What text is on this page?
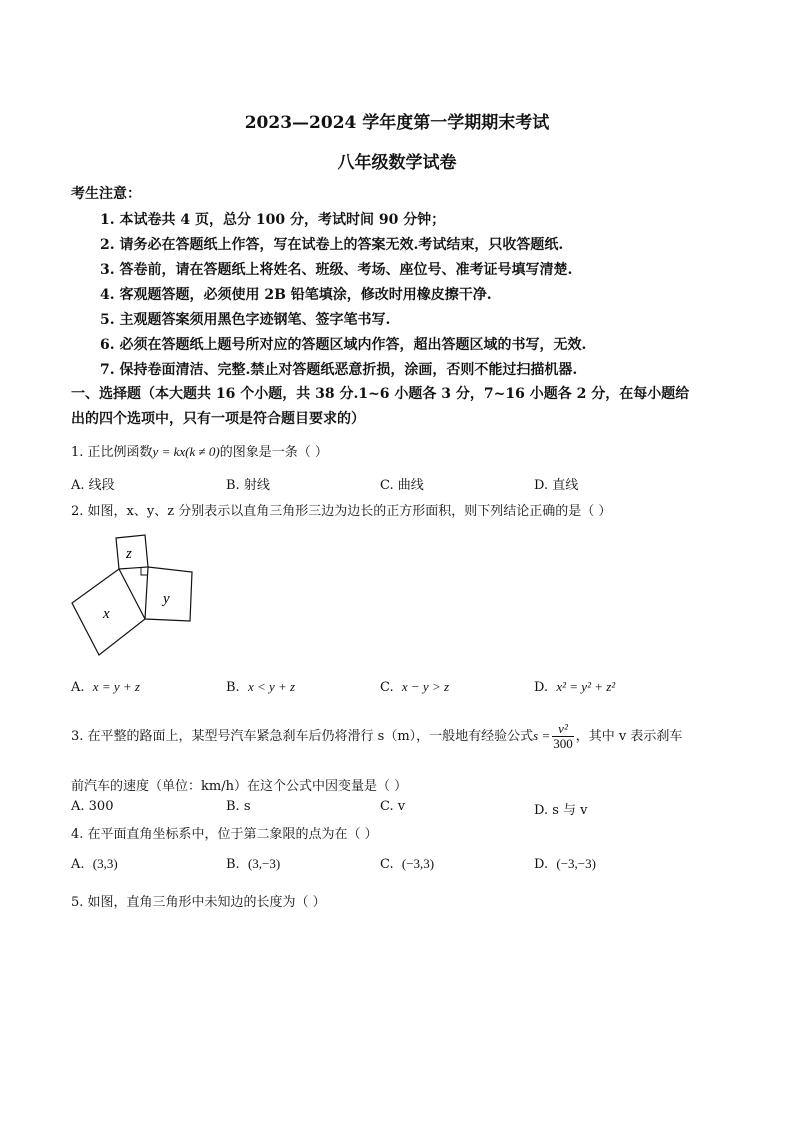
2023—2024 学年度第一学期期末考试
八年级数学试卷
考生注意：
1. 本试卷共 4 页，总分 100 分，考试时间 90 分钟；
2. 请务必在答题纸上作答，写在试卷上的答案无效.考试结束，只收答题纸.
3. 答卷前，请在答题纸上将姓名、班级、考场、座位号、准考证号填写清楚.
4. 客观题答题，必须使用 2B 铅笔填涂，修改时用橡皮擦干净.
5. 主观题答案须用黑色字迹钢笔、签字笔书写.
6. 必须在答题纸上题号所对应的答题区域内作答，超出答题区域的书写，无效.
7. 保持卷面清洁、完整.禁止对答题纸恶意折损，涂画，否则不能过扫描机器.
一、选择题（本大题共 16 个小题，共 38 分.1~6 小题各 3 分，7~16 小题各 2 分，在每小题给
出的四个选项中，只有一项是符合题目要求的）
1. 正比例函数y = kx(k ≠ 0)的图象是一条（ ）
A. 线段	B. 射线	C. 曲线	D. 直线
2. 如图，x、y、z 分别表示以直角三角形三边为边长的正方形面积，则下列结论正确的是（ ）
z
y
x
A. x = y + z	B. x < y + z	C. x − y > z	D. x² = y² + z²
3. 在平整的路面上，某型号汽车紧急刹车后仍将滑行 s（m），一般地有经验公式$s = \frac{\text{v²}}{300}$ ，其中 v 表示刹车
前汽车的速度（单位：km/h）在这个公式中因变量是（ ）
A. 300	B. s	C. v	D. s 与 v
4. 在平面直角坐标系中，位于第二象限的点为在（ ）
A. (3,3)	B. (3,−3)	C. (−3,3)	D. (−3,−3)
5. 如图，直角三角形中未知边的长度为（ ）
